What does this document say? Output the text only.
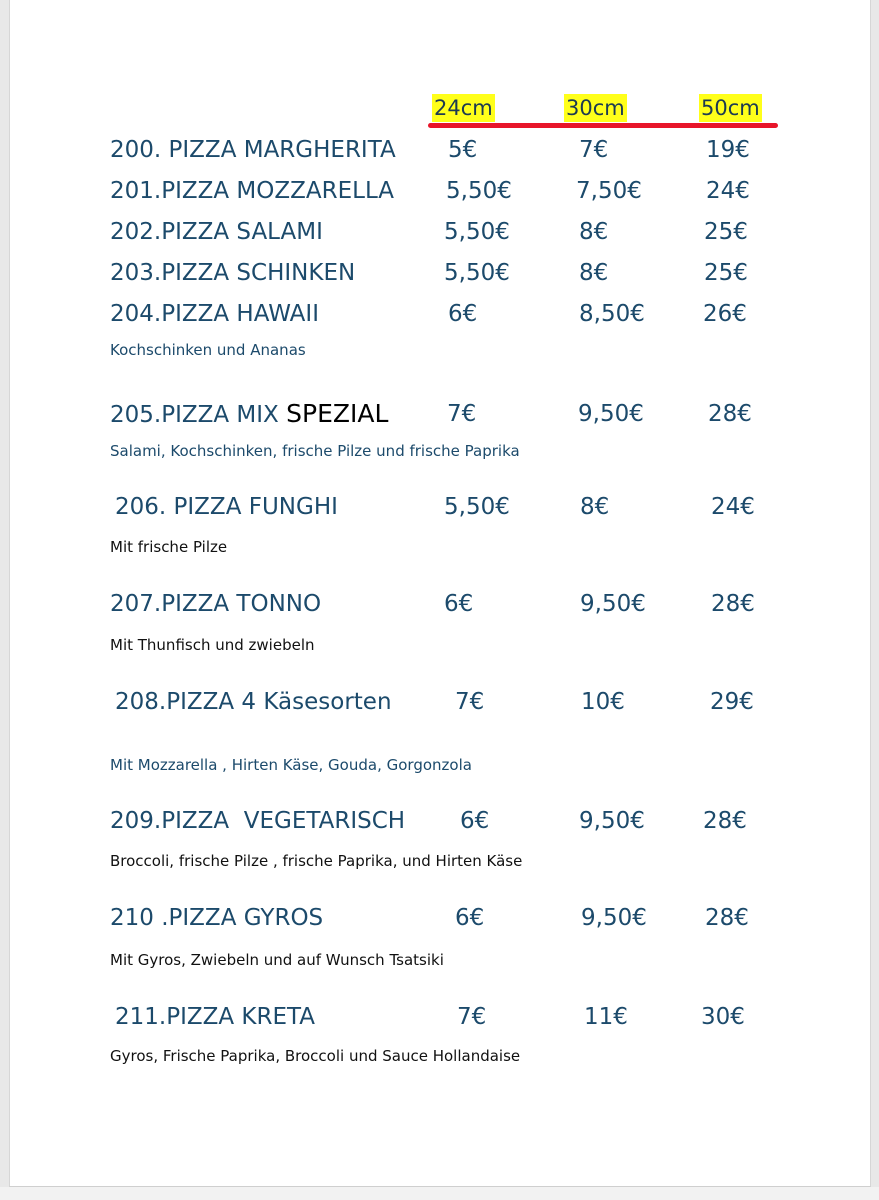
24cm	30cm	50cm
200. PIZZA MARGHERITA 5€	7€	19€
201.PIZZA MOZZARELLA 5,50€	7,50€	24€
202.PIZZA SALAMI	5,50€	8€	25€
203.PIZZA SCHINKEN	5,50€	8€	25€
204.PIZZA HAWAII	6€	8,50€	26€
Kochschinken und Ananas
205.PIZZA MIX SPEZIAL	7€	9,50€	28€
Salami, Kochschinken, frische Pilze und frische Paprika
206. PIZZA FUNGHI	5,50€	8€	24€
Mit frische Pilze
207.PIZZA TONNO	6€	9,50€	28€
Mit Thunfisch und zwiebeln
208.PIZZA 4 Käsesorten	7€	10€	29€
Mit Mozzarella , Hirten Käse, Gouda, Gorgonzola
209.PIZZA  VEGETARISCH 6€	9,50€	28€
Broccoli, frische Pilze , frische Paprika, und Hirten Käse
210 .PIZZA GYROS	6€	9,50€	28€
Mit Gyros, Zwiebeln und auf Wunsch Tsatsiki
211.PIZZA KRETA	7€	11€	30€
Gyros, Frische Paprika, Broccoli und Sauce Hollandaise
